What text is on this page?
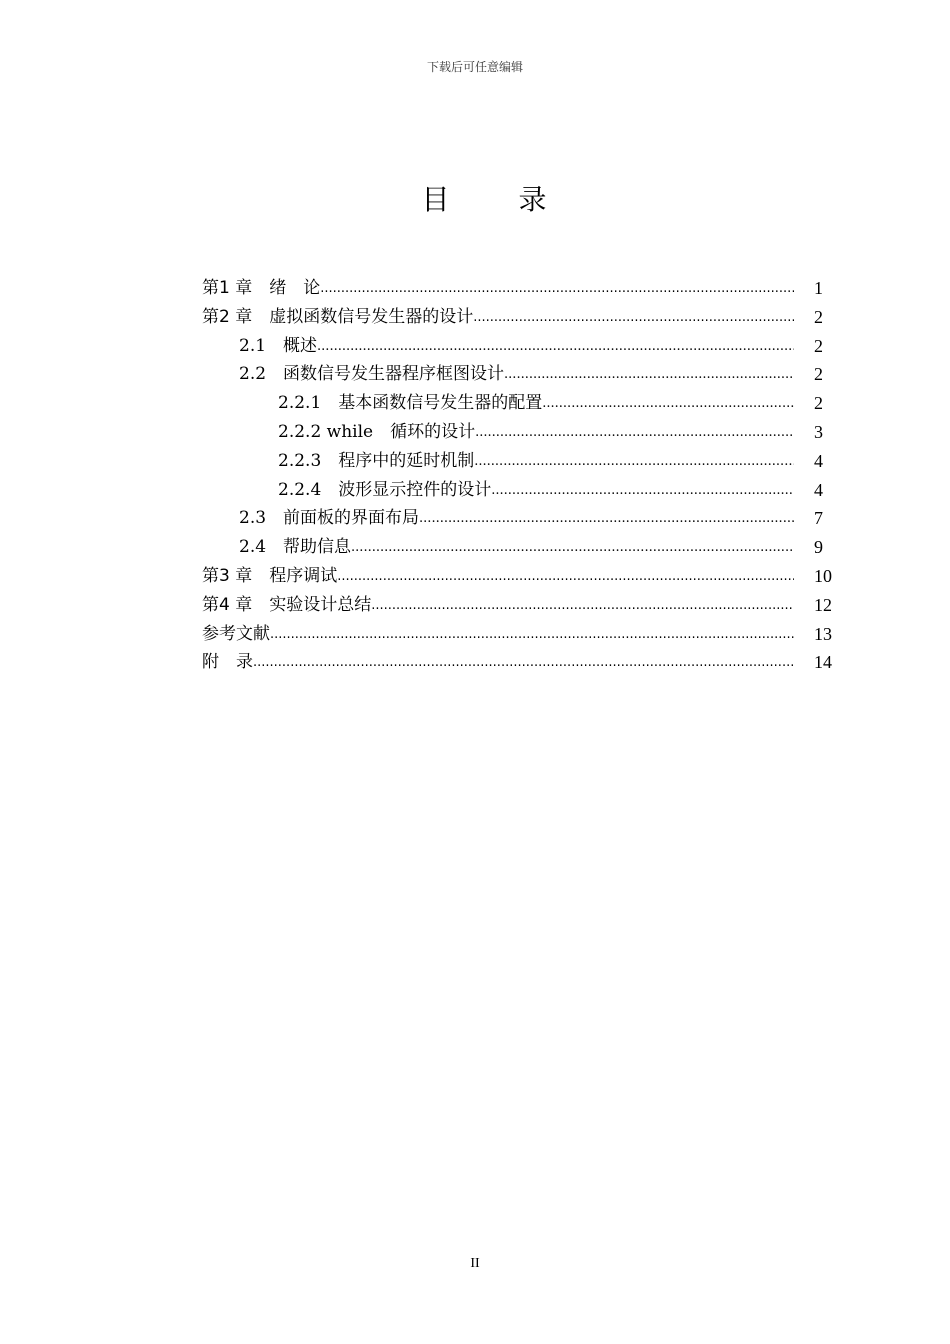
下载后可任意编辑
目 录
第1 章　绪　论 .....	1
第2 章　虚拟函数信号发生器的设计 .....	2
2.1　概述 .....	2
2.2　函数信号发生器程序框图设计 .....	2
2.2.1　基本函数信号发生器的配置 .....	2
2.2.2 while　循环的设计 .....	3
2.2.3　程序中的延时机制 .....	4
2.2.4　波形显示控件的设计 .....	4
2.3　前面板的界面布局 .....	7
2.4　帮助信息 .....	9
第3 章　程序调试 .....	10
第4 章　实验设计总结 .....	12
参考文献 .....	13
附　录 .....	14
II
